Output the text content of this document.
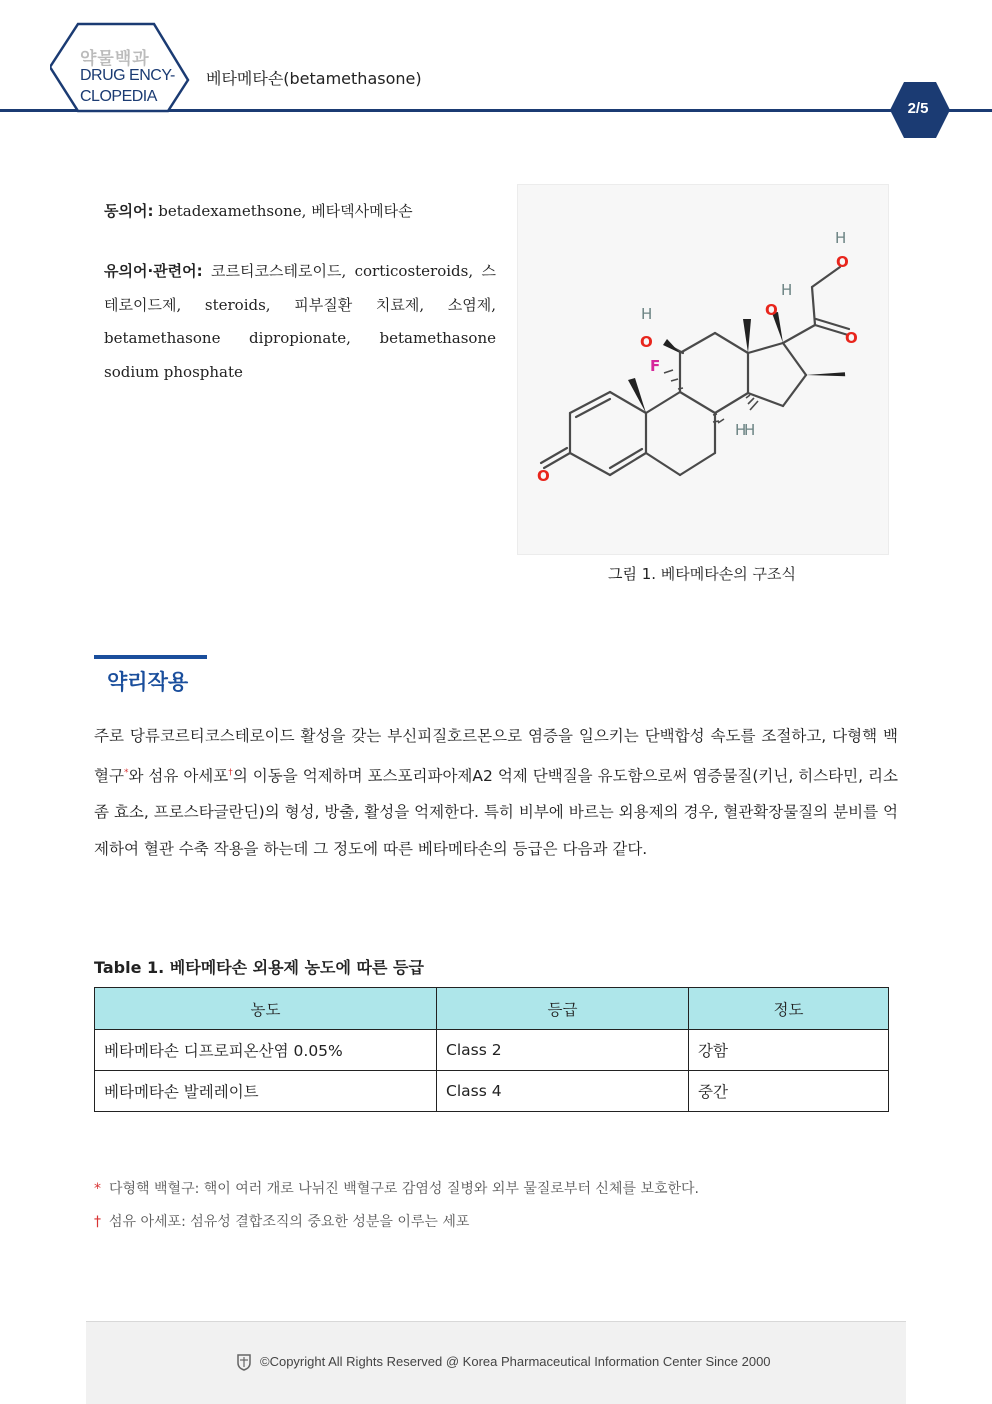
약물백과
DRUG ENCY-
CLOPEDIA
베타메타손(betamethasone)
2/5
동의어: betadexamethsone, 베타덱사메타손
유의어·관련어: 코르티코스테로이드, corticosteroids, 스테로이드제, steroids, 피부질환 치료제, 소염제, betamethasone dipropionate, betamethasone sodium phosphate
O
O
H
F
H
H
O
H
O
O
H
그림 1. 베타메타손의 구조식
약리작용
주로 당류코르티코스테로이드 활성을 갖는 부신피질호르몬으로 염증을 일으키는 단백합성 속도를 조절하고, 다형핵 백혈구*와 섬유 아세포†의 이동을 억제하며 포스포리파아제A2 억제 단백질을 유도함으로써 염증물질(키닌, 히스타민, 리소좀 효소, 프로스타글란딘)의 형성, 방출, 활성을 억제한다. 특히 비부에 바르는 외용제의 경우, 혈관확장물질의 분비를 억제하여 혈관 수축 작용을 하는데 그 정도에 따른 베타메타손의 등급은 다음과 같다.
Table 1. 베타메타손 외용제 농도에 따른 등급
농도	등급	정도
베타메타손 디프로피온산염 0.05%	Class 2	강함
베타메타손 발레레이트	Class 4	중간
* 다형핵 백혈구: 핵이 여러 개로 나뉘진 백혈구로 감염성 질병와 외부 물질로부터 신체를 보호한다.
† 섬유 아세포: 섬유성 결합조직의 중요한 성분을 이루는 세포
©Copyright All Rights Reserved @ Korea Pharmaceutical Information Center Since 2000
